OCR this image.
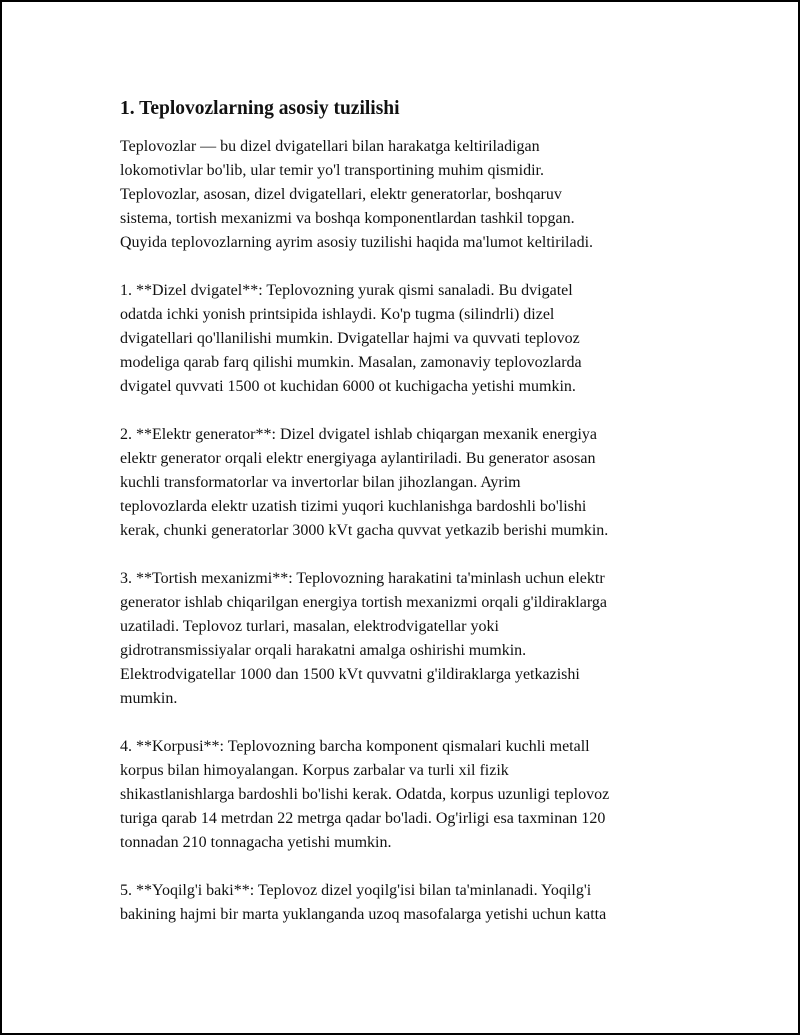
1. Teplovozlarning asosiy tuzilishi

Teplovozlar — bu dizel dvigatellari bilan harakatga keltiriladigan
lokomotivlar bo'lib, ular temir yo'l transportining muhim qismidir.
Teplovozlar, asosan, dizel dvigatellari, elektr generatorlar, boshqaruv
sistema, tortish mexanizmi va boshqa komponentlardan tashkil topgan.
Quyida teplovozlarning ayrim asosiy tuzilishi haqida ma'lumot keltiriladi.

1. **Dizel dvigatel**: Teplovozning yurak qismi sanaladi. Bu dvigatel
odatda ichki yonish printsipida ishlaydi. Ko'p tugma (silindrli) dizel
dvigatellari qo'llanilishi mumkin. Dvigatellar hajmi va quvvati teplovoz
modeliga qarab farq qilishi mumkin. Masalan, zamonaviy teplovozlarda
dvigatel quvvati 1500 ot kuchidan 6000 ot kuchigacha yetishi mumkin.

2. **Elektr generator**: Dizel dvigatel ishlab chiqargan mexanik energiya
elektr generator orqali elektr energiyaga aylantiriladi. Bu generator asosan
kuchli transformatorlar va invertorlar bilan jihozlangan. Ayrim
teplovozlarda elektr uzatish tizimi yuqori kuchlanishga bardoshli bo'lishi
kerak, chunki generatorlar 3000 kVt gacha quvvat yetkazib berishi mumkin.

3. **Tortish mexanizmi**: Teplovozning harakatini ta'minlash uchun elektr
generator ishlab chiqarilgan energiya tortish mexanizmi orqali g'ildiraklarga
uzatiladi. Teplovoz turlari, masalan, elektrodvigatellar yoki
gidrotransmissiyalar orqali harakatni amalga oshirishi mumkin.
Elektrodvigatellar 1000 dan 1500 kVt quvvatni g'ildiraklarga yetkazishi
mumkin.

4. **Korpusi**: Teplovozning barcha komponent qismalari kuchli metall
korpus bilan himoyalangan. Korpus zarbalar va turli xil fizik
shikastlanishlarga bardoshli bo'lishi kerak. Odatda, korpus uzunligi teplovoz
turiga qarab 14 metrdan 22 metrga qadar bo'ladi. Og'irligi esa taxminan 120
tonnadan 210 tonnagacha yetishi mumkin.

5. **Yoqilg'i baki**: Teplovoz dizel yoqilg'isi bilan ta'minlanadi. Yoqilg'i
bakining hajmi bir marta yuklanganda uzoq masofalarga yetishi uchun katta
